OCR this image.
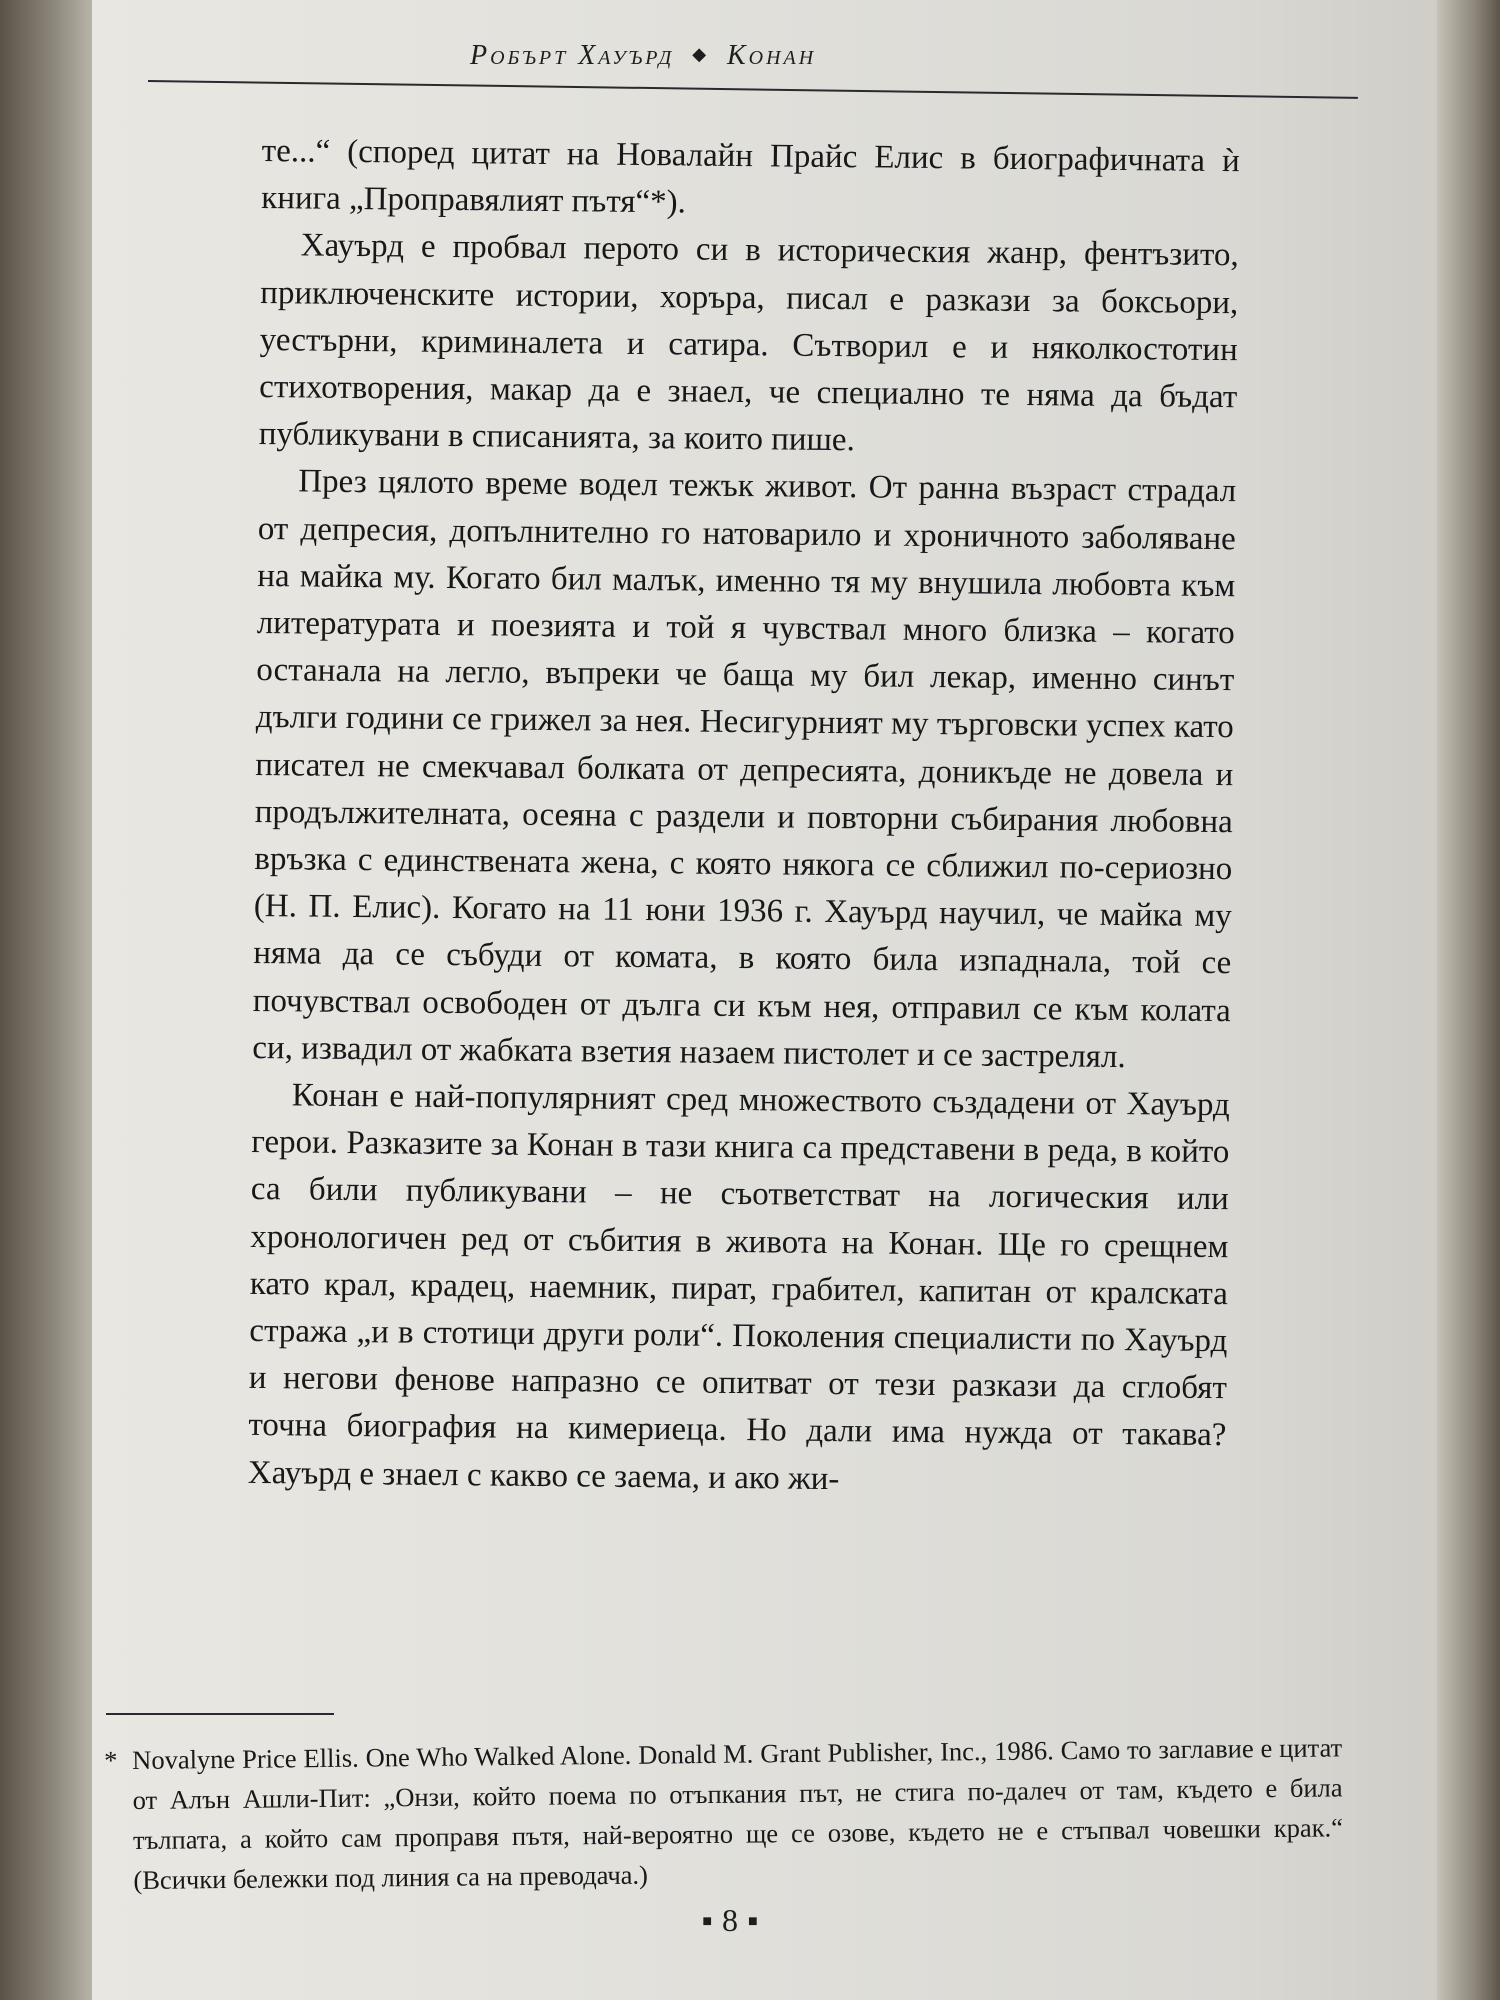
Робърт Хауърд ◆ Конан

те...“ (според цитат на Новалайн Прайс Елис в биографичната ѝ книга „Проправялият пътя“*).

Хауърд е пробвал перото си в историческия жанр, фентъзито, приключенските истории, хоръра, писал е разкази за боксьори, уестърни, криминалета и сатира. Сътворил е и няколкостотин стихотворения, макар да е знаел, че специално те няма да бъдат публикувани в списанията, за които пише.

През цялото време водел тежък живот. От ранна възраст страдал от депресия, допълнително го натоварило и хроничното заболяване на майка му. Когато бил малък, именно тя му внушила любовта към литературата и поезията и той я чувствал много близка – когато останала на легло, въпреки че баща му бил лекар, именно синът дълги години се грижел за нея. Несигурният му търговски успех като писател не смекчавал болката от депресията, доникъде не довела и продължителната, осеяна с раздели и повторни събирания любовна връзка с единствената жена, с която някога се сближил по-сериозно (Н. П. Елис). Когато на 11 юни 1936 г. Хауърд научил, че майка му няма да се събуди от комата, в която била изпаднала, той се почувствал освободен от дълга си към нея, отправил се към колата си, извадил от жабката взетия назаем пистолет и се застрелял.

Конан е най-популярният сред множеството създадени от Хауърд герои. Разказите за Конан в тази книга са представени в реда, в който са били публикувани – не съответстват на логическия или хронологичен ред от събития в живота на Конан. Ще го срещнем като крал, крадец, наемник, пират, грабител, капитан от кралската стража „и в стотици други роли“. Поколения специалисти по Хауърд и негови фенове напразно се опитват от тези разкази да сглобят точна биография на кимериеца. Но дали има нужда от такава? Хауърд е знаел с какво се заема, и ако жи-

* Novalyne Price Ellis. One Who Walked Alone. Donald M. Grant Publisher, Inc., 1986. Само то заглавие е цитат от Алън Ашли-Пит: „Онзи, който поема по отъпкания път, не стига по-далеч от там, където е била тълпата, а който сам проправя пътя, най-вероятно ще се озове, където не е стъпвал човешки крак.“ (Всички бележки под линия са на преводача.)
■ 8 ■
